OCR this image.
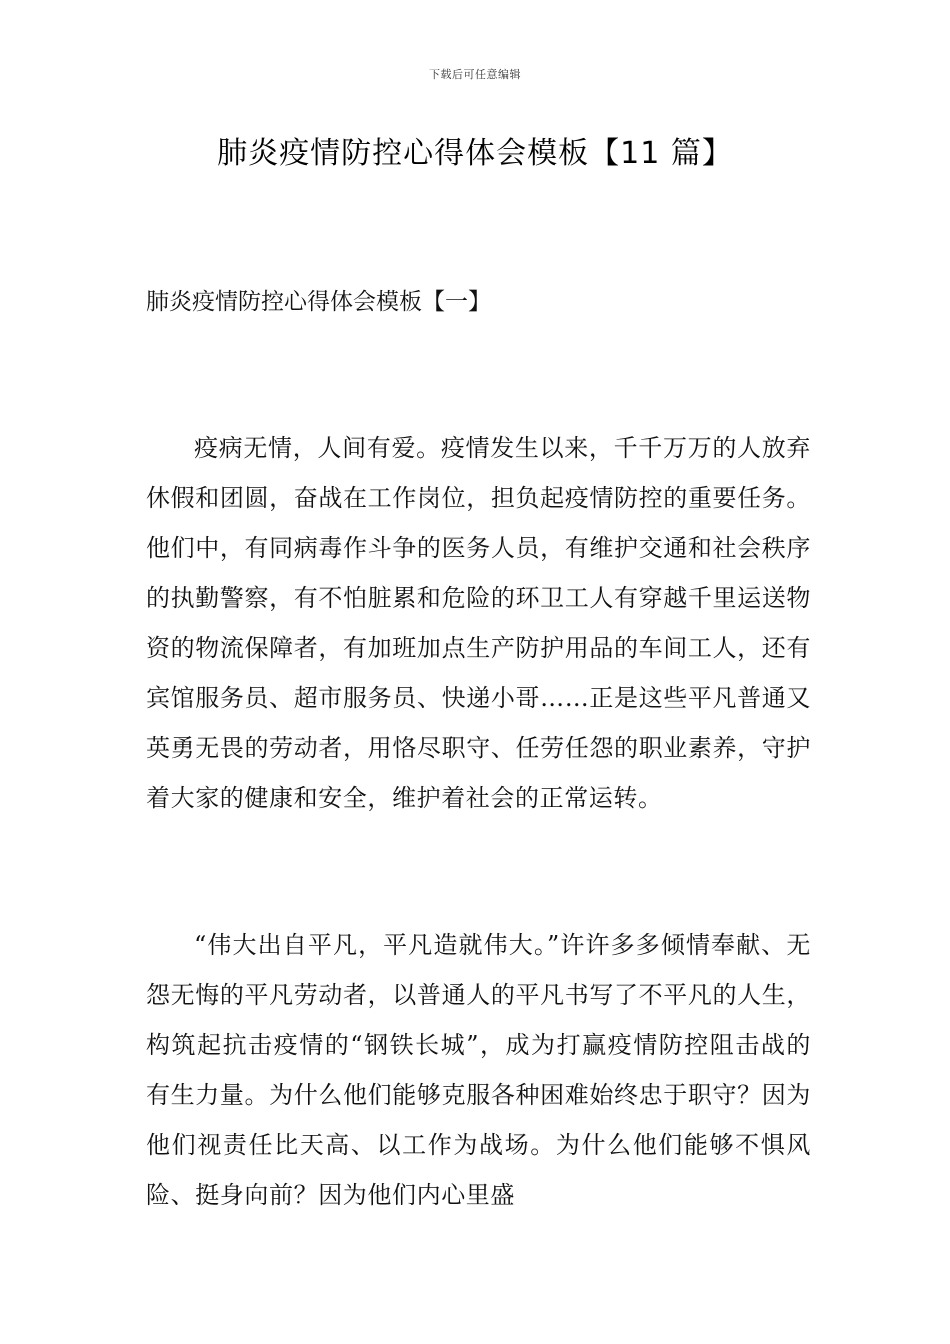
下载后可任意编辑
肺炎疫情防控心得体会模板【11 篇】
肺炎疫情防控心得体会模板【一】

疫病无情，人间有爱。疫情发生以来，千千万万的人放弃休假和团圆，奋战在工作岗位，担负起疫情防控的重要任务。他们中，有同病毒作斗争的医务人员，有维护交通和社会秩序的执勤警察，有不怕脏累和危险的环卫工人有穿越千里运送物资的物流保障者，有加班加点生产防护用品的车间工人，还有宾馆服务员、超市服务员、快递小哥……正是这些平凡普通又英勇无畏的劳动者，用恪尽职守、任劳任怨的职业素养，守护着大家的健康和安全，维护着社会的正常运转。

“伟大出自平凡，平凡造就伟大。”许许多多倾情奉献、无怨无悔的平凡劳动者，以普通人的平凡书写了不平凡的人生，构筑起抗击疫情的“钢铁长城”，成为打赢疫情防控阻击战的有生力量。为什么他们能够克服各种困难始终忠于职守？因为他们视责任比天高、以工作为战场。为什么他们能够不惧风险、挺身向前？因为他们内心里盛
